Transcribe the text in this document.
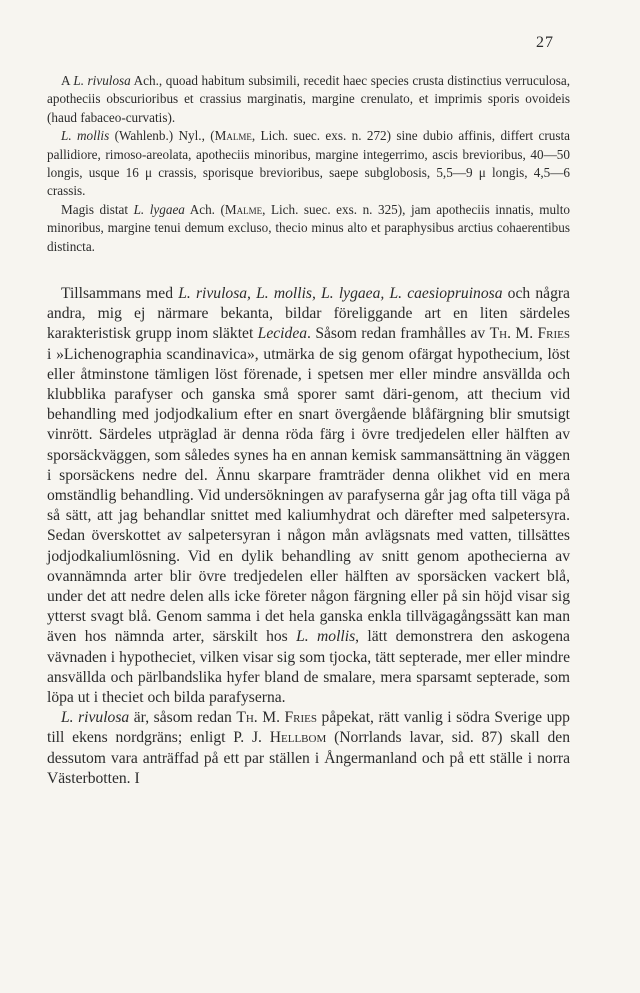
27

A L. rivulosa Ach., quoad habitum subsimili, recedit haec species crusta distinctius verruculosa, apotheciis obscurioribus et crassius marginatis, margine crenulato, et imprimis sporis ovoideis (haud fabaceo-curvatis).

L. mollis (Wahlenb.) Nyl., (Malme, Lich. suec. exs. n. 272) sine dubio affinis, differt crusta pallidiore, rimoso-areolata, apotheciis minoribus, margine integerrimo, ascis brevioribus, 40—50 longis, usque 16 μ crassis, sporisque brevioribus, saepe subglobosis, 5,5—9 μ longis, 4,5—6 crassis.

Magis distat L. lygaea Ach. (Malme, Lich. suec. exs. n. 325), jam apotheciis innatis, multo minoribus, margine tenui demum excluso, thecio minus alto et paraphysibus arctius cohaerentibus distincta.

Tillsammans med L. rivulosa, L. mollis, L. lygaea, L. caesiopruinosa och några andra, mig ej närmare bekanta, bildar föreliggande art en liten särdeles karakteristisk grupp inom släktet Lecidea. Såsom redan framhålles av Th. M. Fries i »Lichenographia scandinavica», utmärka de sig genom ofärgat hypothecium, löst eller åtminstone tämligen löst förenade, i spetsen mer eller mindre ansvällda och klubblika parafyser och ganska små sporer samt däri-genom, att thecium vid behandling med jodjodkalium efter en snart övergående blåfärgning blir smutsigt vinrött. Särdeles utpräglad är denna röda färg i övre tredjedelen eller hälften av sporsäckväggen, som således synes ha en annan kemisk sammansättning än väggen i sporsäckens nedre del. Ännu skarpare framträder denna olikhet vid en mera omständlig behandling. Vid undersökningen av parafyserna går jag ofta till väga på så sätt, att jag behandlar snittet med kaliumhydrat och därefter med salpetersyra. Sedan överskottet av salpetersyran i någon mån avlägsnats med vatten, tillsättes jodjodkaliumlösning. Vid en dylik behandling av snitt genom apothecierna av ovannämnda arter blir övre tredjedelen eller hälften av sporsäcken vackert blå, under det att nedre delen alls icke företer någon färgning eller på sin höjd visar sig ytterst svagt blå. Genom samma i det hela ganska enkla tillvägagångssätt kan man även hos nämnda arter, särskilt hos L. mollis, lätt demonstrera den askogena vävnaden i hypotheciet, vilken visar sig som tjocka, tätt septerade, mer eller mindre ansvällda och pärlbandslika hyfer bland de smalare, mera sparsamt septerade, som löpa ut i theciet och bilda parafyserna.

L. rivulosa är, såsom redan Th. M. Fries påpekat, rätt vanlig i södra Sverige upp till ekens nordgräns; enligt P. J. Hellbom (Norrlands lavar, sid. 87) skall den dessutom vara anträffad på ett par ställen i Ångermanland och på ett ställe i norra Västerbotten. I
